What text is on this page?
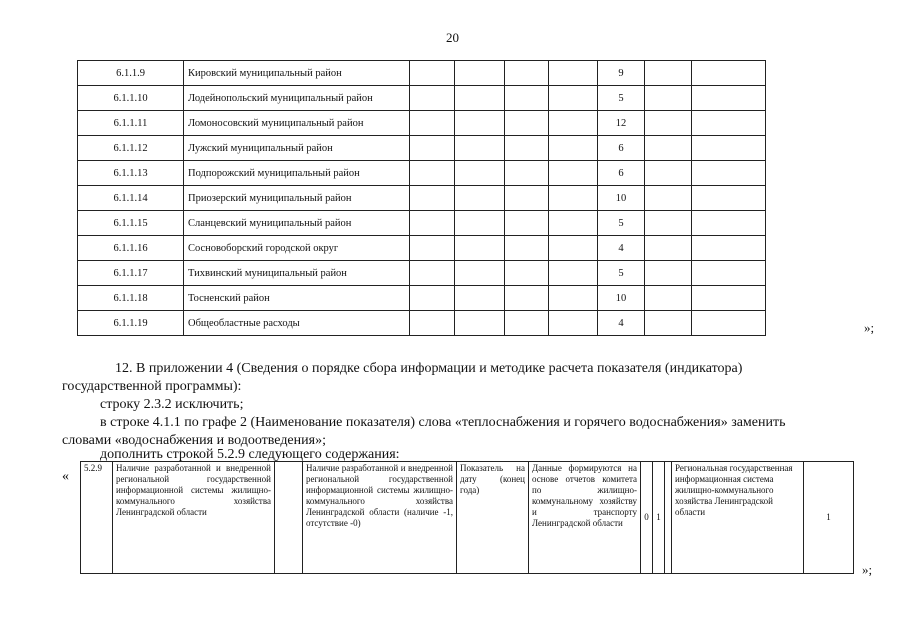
20
6.1.1.9	Кировский муниципальный район					9		
6.1.1.10	Лодейнопольский муниципальный район					5		
6.1.1.11	Ломоносовский муниципальный район					12		
6.1.1.12	Лужский муниципальный район					6		
6.1.1.13	Подпорожский муниципальный район					6		
6.1.1.14	Приозерский муниципальный район					10		
6.1.1.15	Сланцевский муниципальный район					5		
6.1.1.16	Сосновоборский городской округ					4		
6.1.1.17	Тихвинский муниципальный район					5		
6.1.1.18	Тосненский район					10		
6.1.1.19	Общеобластные расходы					4			»;
12. В приложении 4 (Сведения о порядке сбора информации и методике расчета показателя (индикатора)
государственной программы):
строку 2.3.2 исключить;
в строке 4.1.1 по графе 2 (Наименование показателя) слова «теплоснабжения и горячего водоснабжения» заменить
словами «водоснабжения и водоотведения»;
дополнить строкой 5.2.9 следующего содержания:
«
5.2.9	Наличие разработанной и внедренной региональной государственной информационной системы жилищно-коммунального хозяйства Ленинградской области		Наличие разработанной и внедренной региональной государственной информационной системы жилищно-коммунального хозяйства Ленинградской области (наличие -1, отсутствие -0)	Показатель на дату (конец года)	Данные формируются на основе отчетов комитета по жилищно-коммунальному хозяйству и транспорту Ленинградской области	0	1		Региональная государственная информационная система жилищно-коммунального хозяйства Ленинградской области	1
»;
